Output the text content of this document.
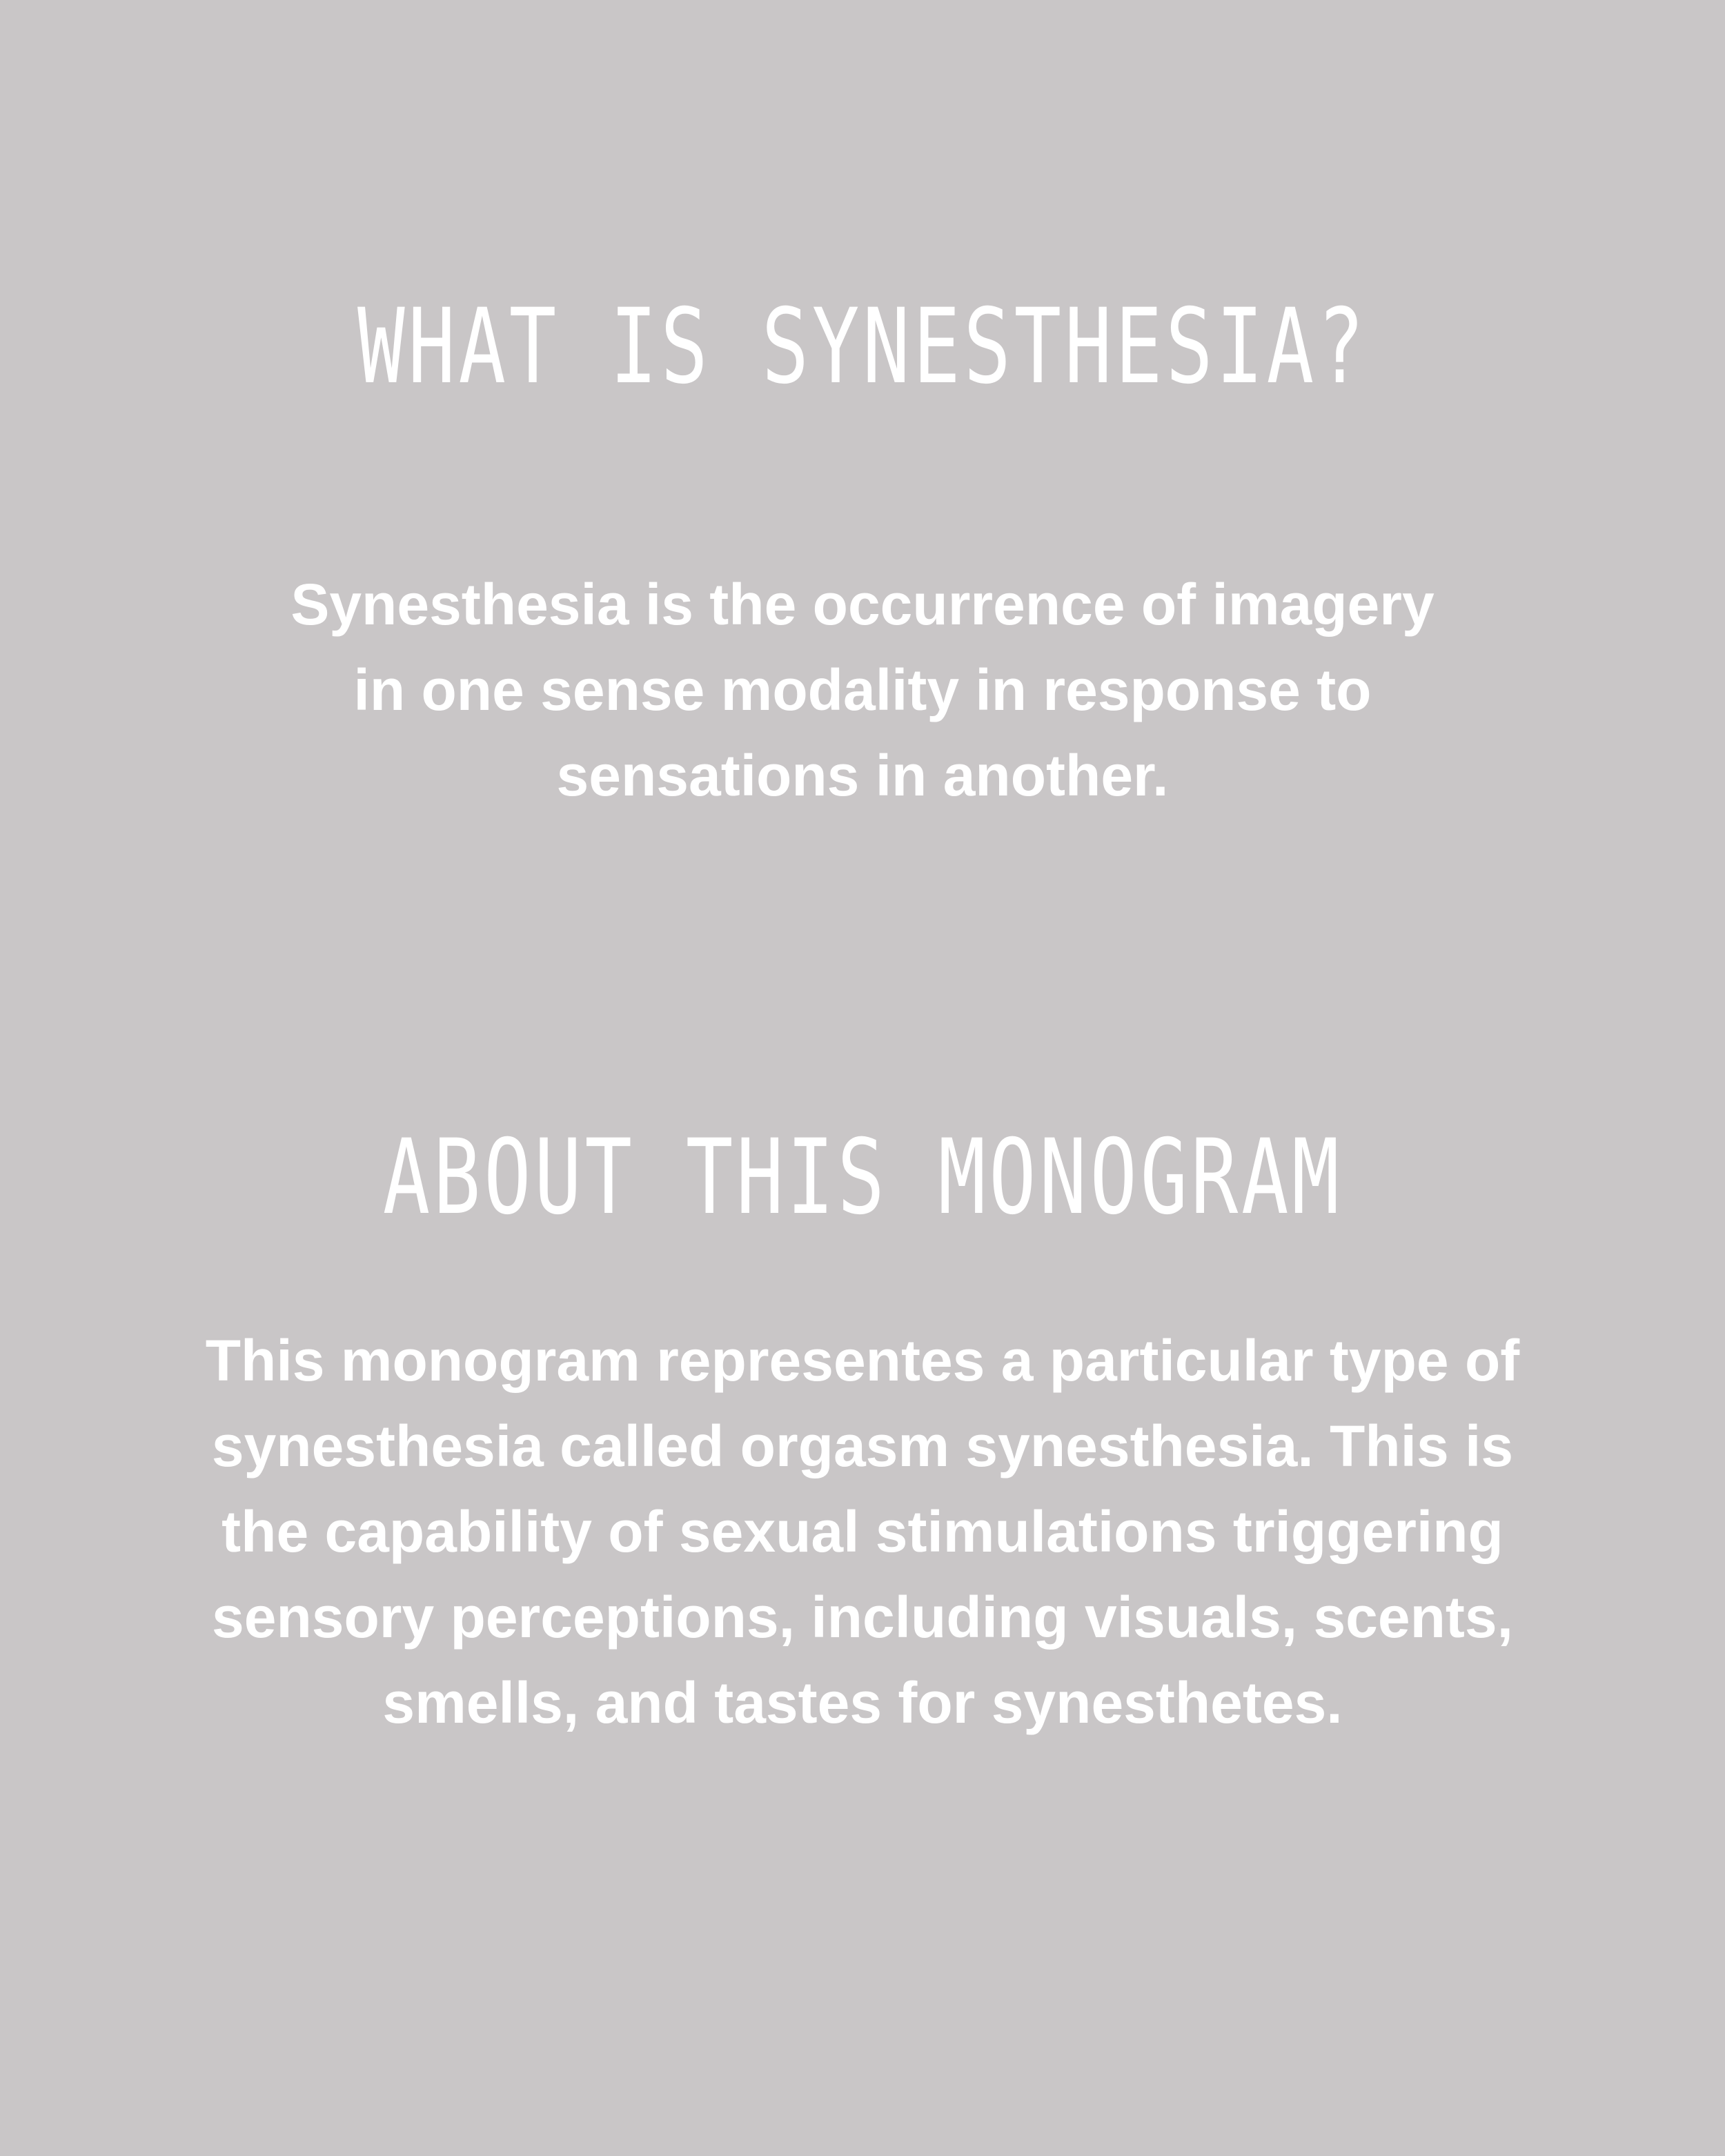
WHAT IS SYNESTHESIA?

Synesthesia is the occurrence of imagery
in one sense modality in response to
sensations in another.

ABOUT THIS MONOGRAM

This monogram representes a particular type of
synesthesia called orgasm synesthesia. This is
the capability of sexual stimulations triggering
sensory perceptions, including visuals, scents,
smells, and tastes for synesthetes.
